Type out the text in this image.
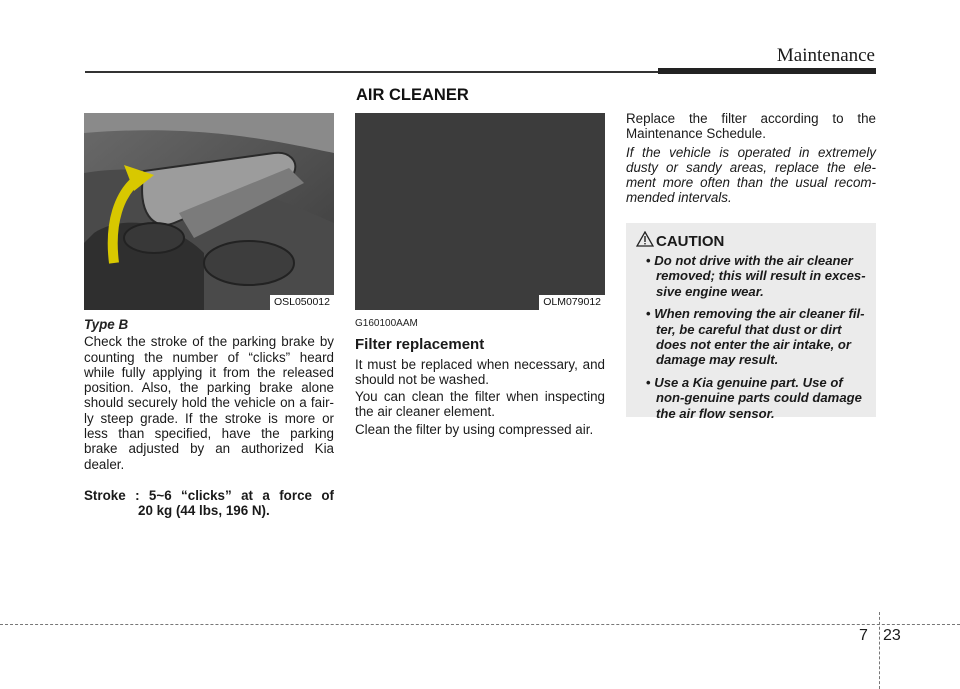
Maintenance
AIR CLEANER
OSL050012	OLM079012
Type B
Check the stroke of the parking brake by counting the number of “clicks” heard while fully applying it from the released position. Also, the parking brake alone should securely hold the vehicle on a fair-ly steep grade. If the stroke is more or less than specified, have the parking brake adjusted by an authorized Kia dealer.
Stroke : 5~6 “clicks” at a force of
20 kg (44 lbs, 196 N).
G160100AAM
Filter replacement
It must be replaced when necessary, and should not be washed.
You can clean the filter when inspecting the air cleaner element.
Clean the filter by using compressed air.
Replace the filter according to the Maintenance Schedule.
If the vehicle is operated in extremely dusty or sandy areas, replace the ele-ment more often than the usual recom-mended intervals.
CAUTION
• Do not drive with the air cleaner removed; this will result in exces-sive engine wear.
• When removing the air cleaner fil-ter, be careful that dust or dirt does not enter the air intake, or damage may result.
• Use a Kia genuine part. Use of non-genuine parts could damage the air flow sensor.
7 23
